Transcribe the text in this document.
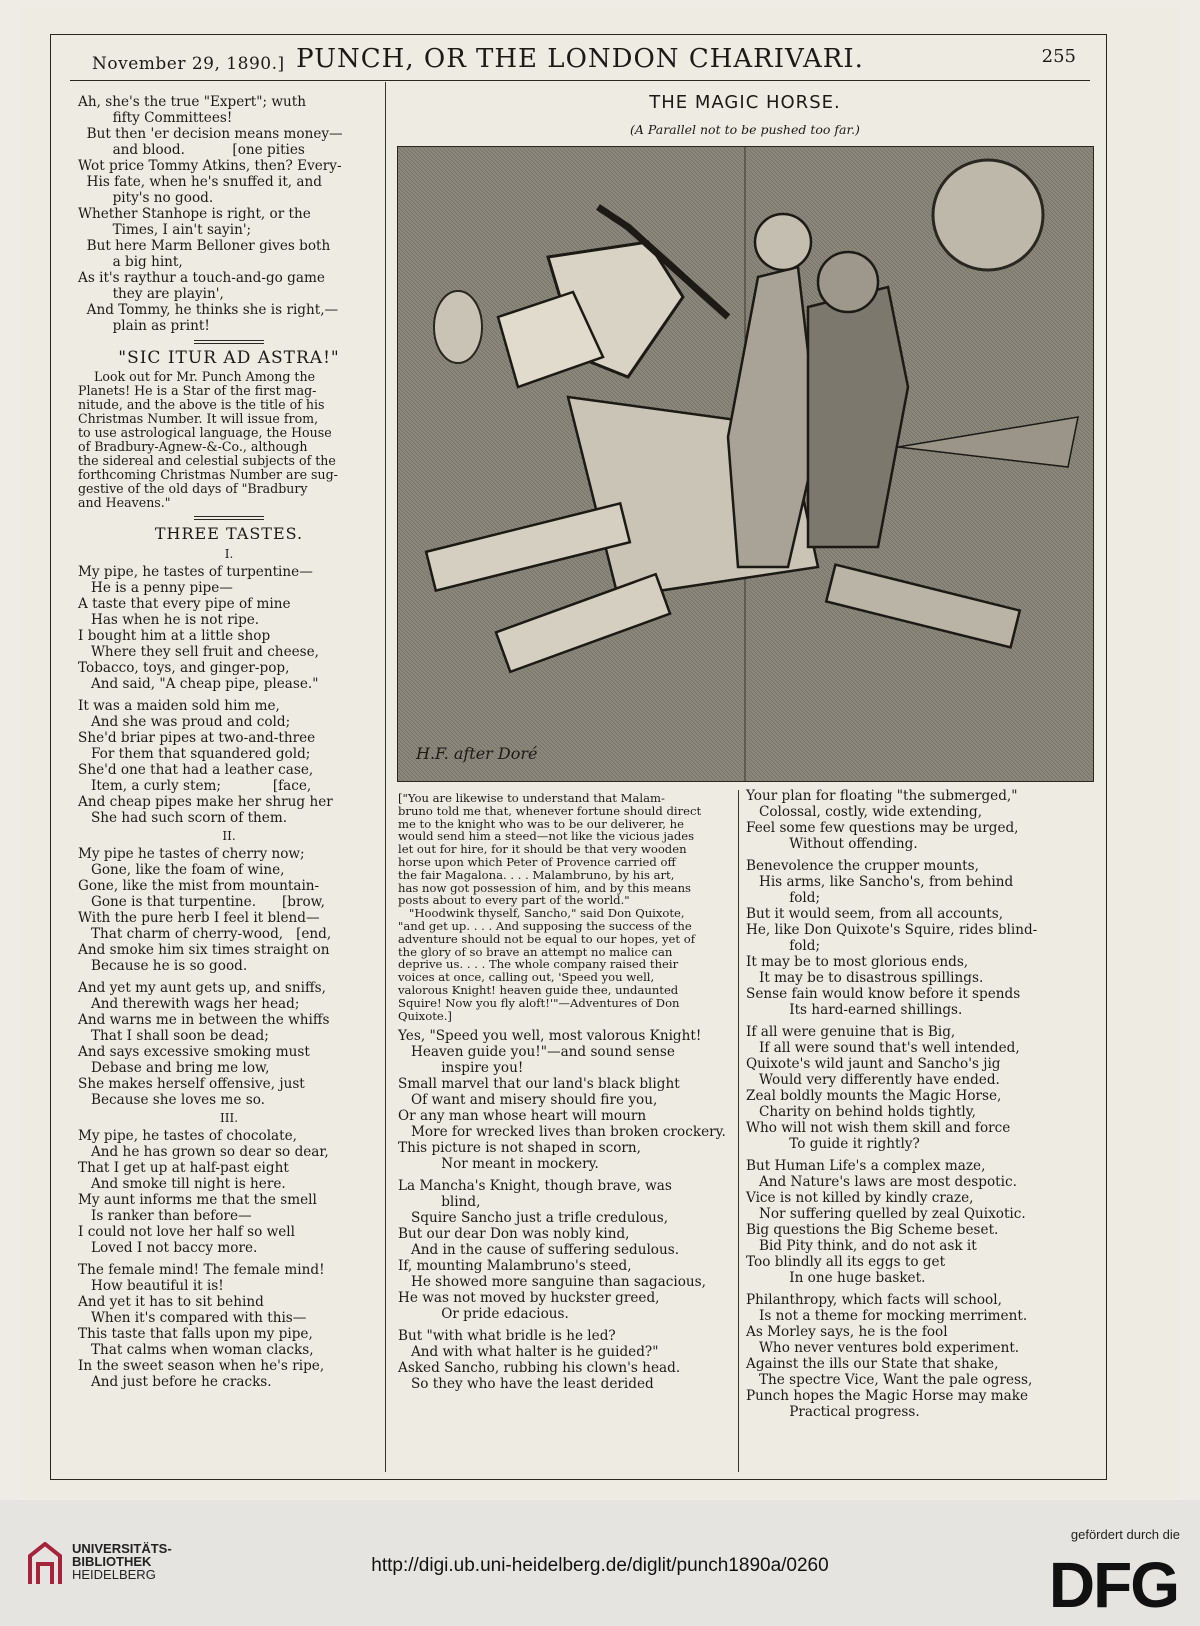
November 29, 1890.] PUNCH, OR THE LONDON CHARIVARI.	255

Ah, she's the true "Expert"; wuth

fifty Committees!

But then 'er decision means money—

and blood.           [one pities

Wot price Tommy Atkins, then? Every-

His fate, when he's snuffed it, and

pity's no good.

Whether Stanhope is right, or the

Times, I ain't sayin';

But here Marm Belloner gives both

a big hint,

As it's raythur a touch-and-go game

they are playin',

And Tommy, he thinks she is right,—

plain as print!

"SIC ITUR AD ASTRA!"

Look out for Mr. Punch Among the

Planets! He is a Star of the first mag-

nitude, and the above is the title of his

Christmas Number. It will issue from,

to use astrological language, the House

of Bradbury-Agnew-&-Co., although

the sidereal and celestial subjects of the

forthcoming Christmas Number are sug-

gestive of the old days of "Bradbury

and Heavens."

THREE TASTES.
I.

My pipe, he tastes of turpentine—

He is a penny pipe—

A taste that every pipe of mine

Has when he is not ripe.

I bought him at a little shop

Where they sell fruit and cheese,

Tobacco, toys, and ginger-pop,

And said, "A cheap pipe, please."

It was a maiden sold him me,

And she was proud and cold;

She'd briar pipes at two-and-three

For them that squandered gold;

She'd one that had a leather case,

Item, a curly stem;            [face,

And cheap pipes make her shrug her

She had such scorn of them.

II.

My pipe he tastes of cherry now;

Gone, like the foam of wine,

Gone, like the mist from mountain-

Gone is that turpentine.      [brow,

With the pure herb I feel it blend—

That charm of cherry-wood,   [end,

And smoke him six times straight on

Because he is so good.

And yet my aunt gets up, and sniffs,

And therewith wags her head;

And warns me in between the whiffs

That I shall soon be dead;

And says excessive smoking must

Debase and bring me low,

She makes herself offensive, just

Because she loves me so.

III.

My pipe, he tastes of chocolate,

And he has grown so dear so dear,

That I get up at half-past eight

And smoke till night is here.

My aunt informs me that the smell

Is ranker than before—

I could not love her half so well

Loved I not baccy more.

The female mind! The female mind!

How beautiful it is!

And yet it has to sit behind

When it's compared with this—

This taste that falls upon my pipe,

That calms when woman clacks,

In the sweet season when he's ripe,

And just before he cracks.

THE MAGIC HORSE.
(A Parallel not to be pushed too far.)
H.F. after Doré

["You are likewise to understand that Malam-

bruno told me that, whenever fortune should direct

me to the knight who was to be our deliverer, he

would send him a steed—not like the vicious jades

let out for hire, for it should be that very wooden

horse upon which Peter of Provence carried off

the fair Magalona. . . . Malambruno, by his art,

has now got possession of him, and by this means

posts about to every part of the world."

"Hoodwink thyself, Sancho," said Don Quixote,

"and get up. . . . And supposing the success of the

adventure should not be equal to our hopes, yet of

the glory of so brave an attempt no malice can

deprive us. . . . The whole company raised their

voices at once, calling out, 'Speed you well,

valorous Knight! heaven guide thee, undaunted

Squire! Now you fly aloft!'"—Adventures of Don

Quixote.]

Yes, "Speed you well, most valorous Knight!

Heaven guide you!"—and sound sense

inspire you!

Small marvel that our land's black blight

Of want and misery should fire you,

Or any man whose heart will mourn

More for wrecked lives than broken crockery.

This picture is not shaped in scorn,

Nor meant in mockery.

La Mancha's Knight, though brave, was

blind,

Squire Sancho just a trifle credulous,

But our dear Don was nobly kind,

And in the cause of suffering sedulous.

If, mounting Malambruno's steed,

He showed more sanguine than sagacious,

He was not moved by huckster greed,

Or pride edacious.

But "with what bridle is he led?

And with what halter is he guided?"

Asked Sancho, rubbing his clown's head.

So they who have the least derided

Your plan for floating "the submerged,"

Colossal, costly, wide extending,

Feel some few questions may be urged,

Without offending.

Benevolence the crupper mounts,

His arms, like Sancho's, from behind

fold;

But it would seem, from all accounts,

He, like Don Quixote's Squire, rides blind-

fold;

It may be to most glorious ends,

It may be to disastrous spillings.

Sense fain would know before it spends

Its hard-earned shillings.

If all were genuine that is Big,

If all were sound that's well intended,

Quixote's wild jaunt and Sancho's jig

Would very differently have ended.

Zeal boldly mounts the Magic Horse,

Charity on behind holds tightly,

Who will not wish them skill and force

To guide it rightly?

But Human Life's a complex maze,

And Nature's laws are most despotic.

Vice is not killed by kindly craze,

Nor suffering quelled by zeal Quixotic.

Big questions the Big Scheme beset.

Bid Pity think, and do not ask it

Too blindly all its eggs to get

In one huge basket.

Philanthropy, which facts will school,

Is not a theme for mocking merriment.

As Morley says, he is the fool

Who never ventures bold experiment.

Against the ills our State that shake,

The spectre Vice, Want the pale ogress,

Punch hopes the Magic Horse may make

Practical progress.

UNIVERSITÄTS-
BIBLIOTHEK
HEIDELBERG	http://digi.ub.uni-heidelberg.de/diglit/punch1890a/0260
gefördert durch die
DFG
